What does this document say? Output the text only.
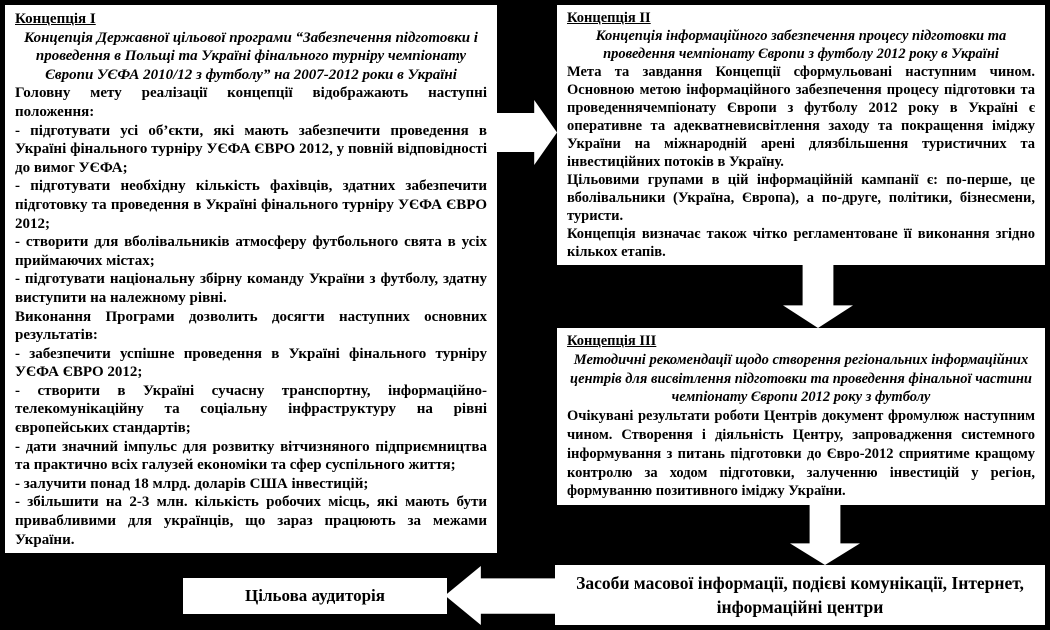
Концепція I

Концепція Державної цільової програми “Забезпечення підготовки і проведення в Польщі та Україні фінального турніру чемпіонату Європи УЄФА 2010/12 з футболу” на 2007-2012 роки в Україні

Головну мету реалізації концепції відображають наступні положення:

- підготувати усі об’єкти, які мають забезпечити проведення в Україні фінального турніру УЄФА ЄВРО 2012, у повній відповідності до вимог УЄФА;

- підготувати необхідну кількість фахівців, здатних забезпечити підготовку та проведення в Україні фінального турніру УЄФА ЄВРО 2012;

- створити для вболівальників атмосферу футбольного свята в усіх приймаючих містах;

- підготувати національну збірну команду України з футболу, здатну виступити на належному рівні.

Виконання Програми дозволить досягти наступних основних результатів:

- забезпечити успішне проведення в Україні фінального турніру УЄФА ЄВРО 2012;

- створити в Україні сучасну транспортну, інформаційно-телекомунікаційну та соціальну інфраструктуру на рівні європейських стандартів;

- дати значний імпульс для розвитку вітчизняного підприємництва та практично всіх галузей економіки та сфер суспільного життя;

- залучити понад 18 млрд. доларів США інвестицій;

- збільшити на 2-3 млн. кількість робочих місць, які мають бути привабливими для українців, що зараз працюють за межами України.

Концепція II

Концепція інформаційного забезпечення процесу підготовки та проведення чемпіонату Європи з футболу 2012 року в Україні

Мета та завдання Концепції сформульовані наступним чином. Основною метою інформаційного забезпечення процесу підготовки та проведеннячемпіонату Європи з футболу 2012 року в Україні є оперативне та адекватневисвітлення заходу та покращення іміджу України на міжнародній арені длязбільшення туристичних та інвестиційних потоків в Україну.

Цільовими групами в цій інформаційній кампанії є: по-перше, це вболівальники (Україна, Європа), а по-друге, політики, бізнесмени, туристи.

Концепція визначає також чітко регламентоване її виконання згідно кількох етапів.

Концепція III

Методичні рекомендації щодо створення регіональних інформаційних центрів для висвітлення підготовки та проведення фінальної частини чемпіонату Європи 2012 року з футболу

Очікувані результати роботи Центрів документ фромулюж наступним чином. Створення і діяльність Центру, запровадження системного інформування з питань підготовки до Євро-2012 сприятиме кращому контролю за ходом підготовки, залученню інвестицій у регіон, формуванню позитивного іміджу України.

Засоби масової інформації, подієві комунікації, Інтернет, інформаційні центри

Цільова аудиторія
